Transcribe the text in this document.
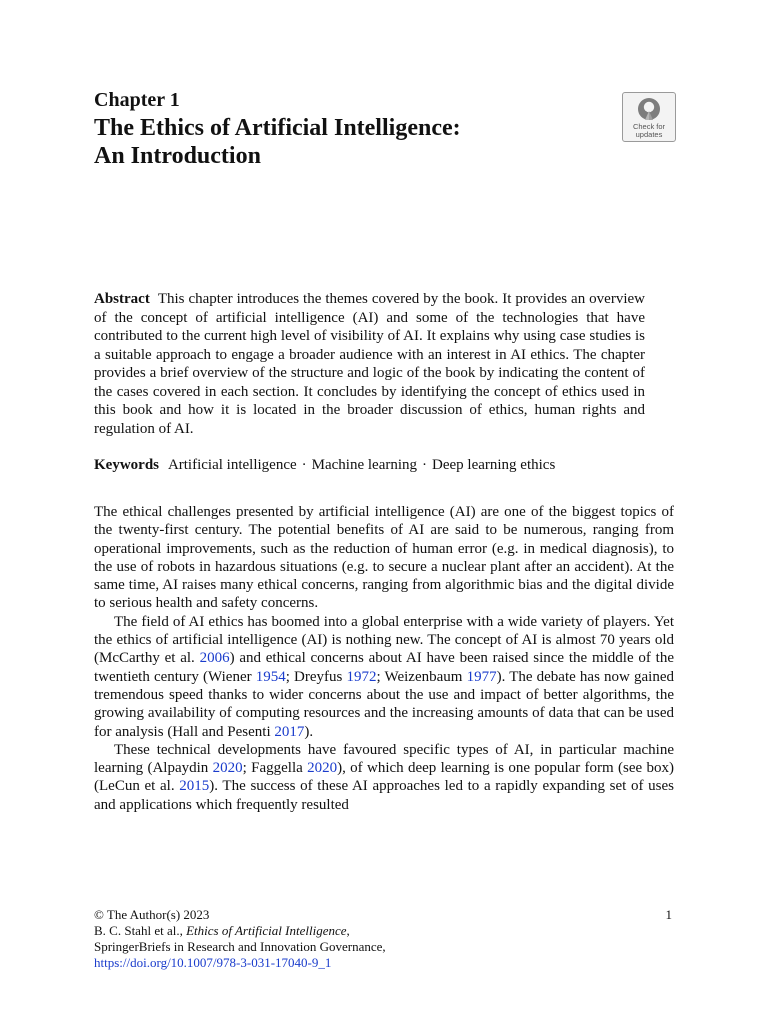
Chapter 1
The Ethics of Artificial Intelligence:
An Introduction
Check for
updates
Abstract This chapter introduces the themes covered by the book. It provides an overview of the concept of artificial intelligence (AI) and some of the technologies that have contributed to the current high level of visibility of AI. It explains why using case studies is a suitable approach to engage a broader audience with an interest in AI ethics. The chapter provides a brief overview of the structure and logic of the book by indicating the content of the cases covered in each section. It concludes by identifying the concept of ethics used in this book and how it is located in the broader discussion of ethics, human rights and regulation of AI.
Keywords Artificial intelligence · Machine learning · Deep learning ethics

The ethical challenges presented by artificial intelligence (AI) are one of the biggest topics of the twenty-first century. The potential benefits of AI are said to be numerous, ranging from operational improvements, such as the reduction of human error (e.g. in medical diagnosis), to the use of robots in hazardous situations (e.g. to secure a nuclear plant after an accident). At the same time, AI raises many ethical concerns, ranging from algorithmic bias and the digital divide to serious health and safety concerns.

The field of AI ethics has boomed into a global enterprise with a wide variety of players. Yet the ethics of artificial intelligence (AI) is nothing new. The concept of AI is almost 70 years old (McCarthy et al. 2006) and ethical concerns about AI have been raised since the middle of the twentieth century (Wiener 1954; Dreyfus 1972; Weizenbaum 1977). The debate has now gained tremendous speed thanks to wider concerns about the use and impact of better algorithms, the growing availability of computing resources and the increasing amounts of data that can be used for analysis (Hall and Pesenti 2017).

These technical developments have favoured specific types of AI, in particular machine learning (Alpaydin 2020; Faggella 2020), of which deep learning is one popular form (see box) (LeCun et al. 2015). The success of these AI approaches led to a rapidly expanding set of uses and applications which frequently resulted

© The Author(s) 2023
B. C. Stahl et al., Ethics of Artificial Intelligence,
SpringerBriefs in Research and Innovation Governance,
https://doi.org/10.1007/978-3-031-17040-9_1
1
